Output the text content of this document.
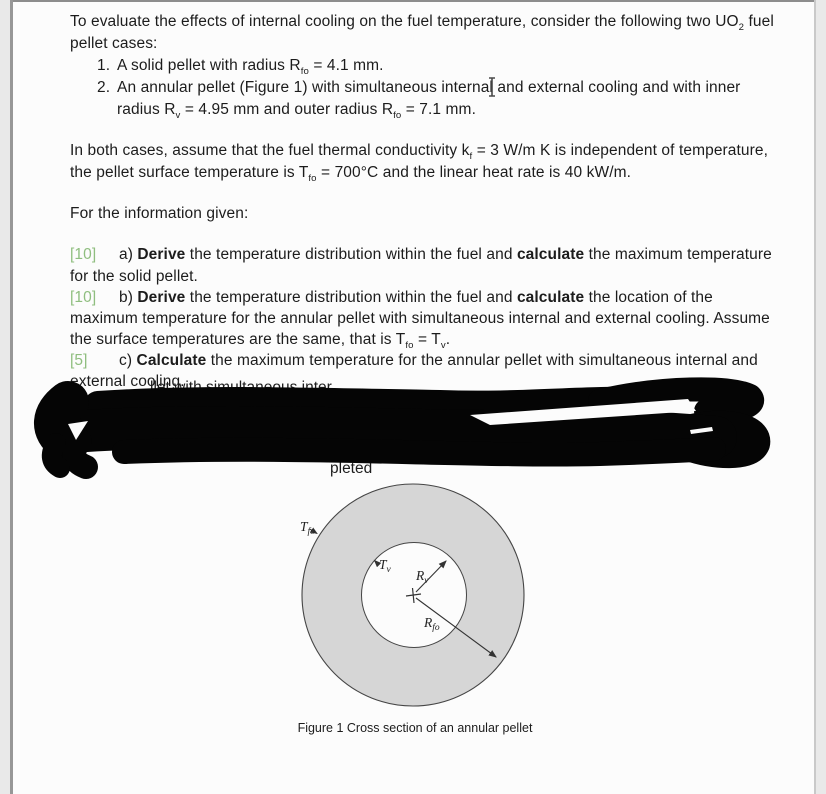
To evaluate the effects of internal cooling on the fuel temperature, consider the following two $UO_2$ fuel
pellet cases:
1. A solid pellet with radius $R_{fo} = 4.1$ mm.
2. An annular pellet (Figure 1) with simultaneous internal and external cooling and with inner
radius $R_v = 4.95$ mm and outer radius $R_{fo} = 7.1$ mm.
In both cases, assume that the fuel thermal conductivity $k_f = 3$ W/m K is independent of temperature,
the pellet surface temperature is $T_{fo} = 700^\circ C$ and the linear heat rate is 40 kW/m.
For the information given:
[10] a) Derive the temperature distribution within the fuel and calculate the maximum temperature
for the solid pellet.
[10] b) Derive the temperature distribution within the fuel and calculate the location of the
maximum temperature for the annular pellet with simultaneous internal and external cooling. Assume
the surface temperatures are the same, that is $T_{fo} = T_v$.
[5] c) Calculate the maximum temperature for the annular pellet with simultaneous internal and
external cooling.
$T_{fo}$
$T_v$ $R_v$
$R_{fo}$
Figure 1 Cross section of an annular pellet
llet with simultaneous inter
pleted
at
